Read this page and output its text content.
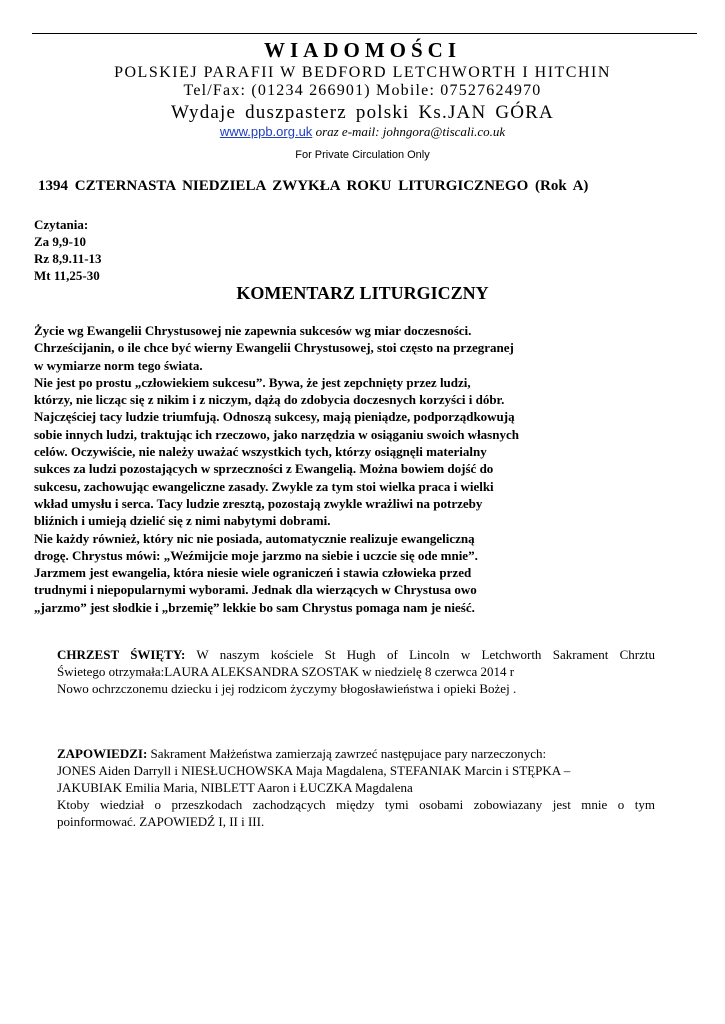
WIADOMOŚCI
POLSKIEJ PARAFII W BEDFORD LETCHWORTH I HITCHIN
Tel/Fax: (01234 266901) Mobile: 07527624970
Wydaje duszpasterz polski Ks.JAN GÓRA
www.ppb.org.uk oraz e-mail: johngora@tiscali.co.uk
For Private Circulation Only
1394 CZTERNASTA NIEDZIELA ZWYKŁA ROKU LITURGICZNEGO (Rok A)
Czytania:
Za 9,9-10
Rz 8,9.11-13
Mt 11,25-30
KOMENTARZ LITURGICZNY
Życie wg Ewangelii Chrystusowej nie zapewnia sukcesów wg miar doczesności.
Chrześcijanin, o ile chce być wierny Ewangelii Chrystusowej, stoi często na przegranej
w wymiarze norm tego świata.
Nie jest po prostu „człowiekiem sukcesu”. Bywa, że jest zepchnięty przez ludzi,
którzy, nie licząc się z nikim i z niczym, dążą do zdobycia doczesnych korzyści i dóbr.
Najczęściej tacy ludzie triumfują. Odnoszą sukcesy, mają pieniądze, podporządkowują
sobie innych ludzi, traktując ich rzeczowo, jako narzędzia w osiąganiu swoich własnych
celów. Oczywiście, nie należy uważać wszystkich tych, którzy osiągnęli materialny
sukces za ludzi pozostających w sprzeczności z Ewangelią. Można bowiem dojść do
sukcesu, zachowując ewangeliczne zasady. Zwykle za tym stoi wielka praca i wielki
wkład umysłu i serca. Tacy ludzie zresztą, pozostają zwykle wrażliwi na potrzeby
bliźnich i umieją dzielić się z nimi nabytymi dobrami.
Nie każdy również, który nic nie posiada, automatycznie realizuje ewangeliczną
drogę. Chrystus mówi: „Weźmijcie moje jarzmo na siebie i uczcie się ode mnie”.
Jarzmem jest ewangelia, która niesie wiele ograniczeń i stawia człowieka przed
trudnymi i niepopularnymi wyborami. Jednak dla wierzących w Chrystusa owo
„jarzmo” jest słodkie i „brzemię” lekkie bo sam Chrystus pomaga nam je nieść.
CHRZEST ŚWIĘTY: W naszym kościele St Hugh of Lincoln w Letchworth Sakrament Chrztu
Świetego otrzymała:LAURA ALEKSANDRA SZOSTAK w niedzielę 8 czerwca 2014 r
Nowo ochrzczonemu dziecku i jej rodzicom życzymy błogosławieństwa i opieki Bożej .
ZAPOWIEDZI: Sakrament Małżeństwa zamierzają zawrzeć następujace pary narzeczonych:
JONES Aiden Darryll i NIESŁUCHOWSKA Maja Magdalena, STEFANIAK Marcin i STĘPKA –
JAKUBIAK Emilia Maria, NIBLETT Aaron i ŁUCZKA Magdalena
Ktoby wiedział o przeszkodach zachodzących między tymi osobami zobowiazany jest mnie o tym
poinformować. ZAPOWIEDŹ I, II i III.
